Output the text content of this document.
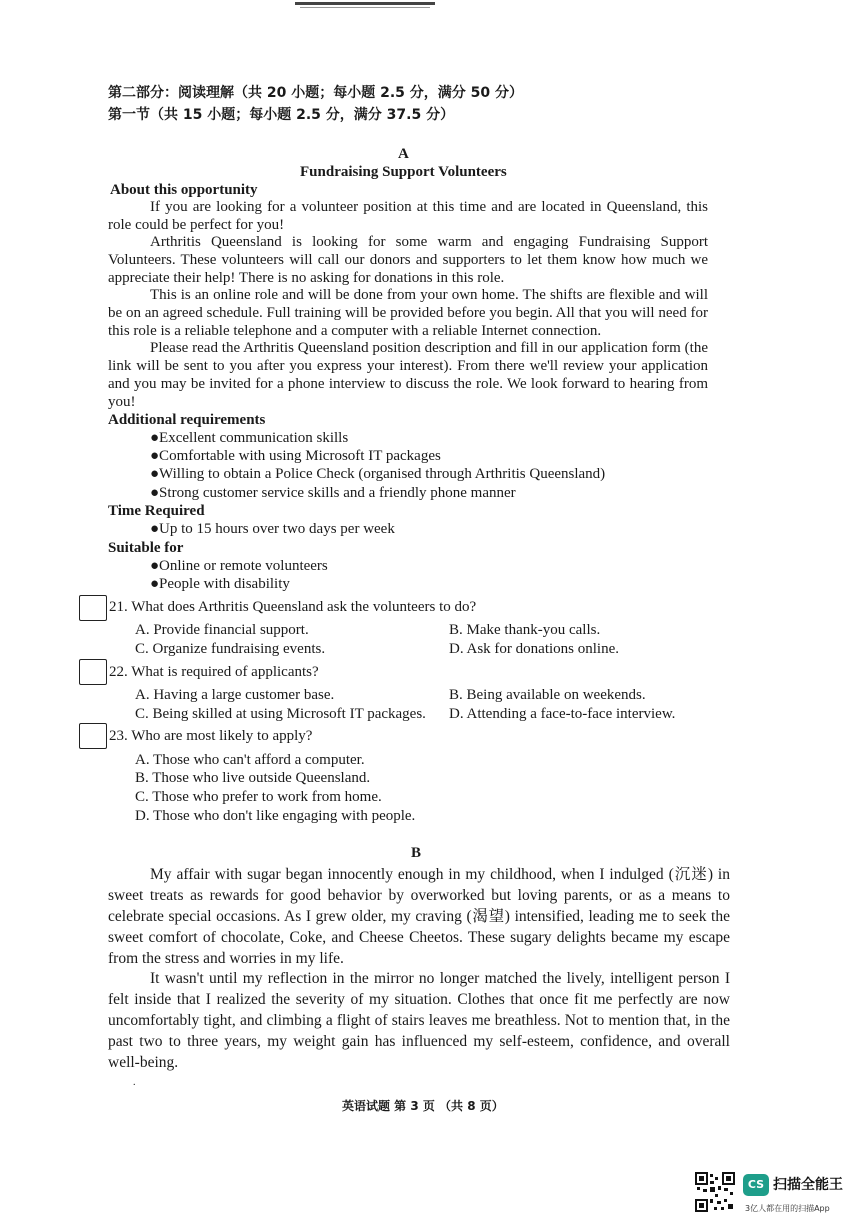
第二部分：阅读理解（共 20 小题；每小题 2.5 分，满分 50 分）
第一节（共 15 小题；每小题 2.5 分，满分 37.5 分）
A
Fundraising Support Volunteers
About this opportunity
If you are looking for a volunteer position at this time and are located in Queensland, this role could be perfect for you!
Arthritis Queensland is looking for some warm and engaging Fundraising Support Volunteers. These volunteers will call our donors and supporters to let them know how much we appreciate their help! There is no asking for donations in this role.
This is an online role and will be done from your own home. The shifts are flexible and will be on an agreed schedule. Full training will be provided before you begin. All that you will need for this role is a reliable telephone and a computer with a reliable Internet connection.
Please read the Arthritis Queensland position description and fill in our application form (the link will be sent to you after you express your interest). From there we'll review your application and you may be invited for a phone interview to discuss the role. We look forward to hearing from you!
Additional requirements
●Excellent communication skills
●Comfortable with using Microsoft IT packages
●Willing to obtain a Police Check (organised through Arthritis Queensland)
●Strong customer service skills and a friendly phone manner
Time Required
●Up to 15 hours over two days per week
Suitable for
●Online or remote volunteers
●People with disability
21. What does Arthritis Queensland ask the volunteers to do?
A. Provide financial support.	B. Make thank-you calls.
C. Organize fundraising events.	D. Ask for donations online.
22. What is required of applicants?
A. Having a large customer base.	B. Being available on weekends.
C. Being skilled at using Microsoft IT packages. D. Attending a face-to-face interview.
23. Who are most likely to apply?
A. Those who can't afford a computer.
B. Those who live outside Queensland.
C. Those who prefer to work from home.
D. Those who don't like engaging with people.
B
My affair with sugar began innocently enough in my childhood, when I indulged (沉迷) in sweet treats as rewards for good behavior by overworked but loving parents, or as a means to celebrate special occasions. As I grew older, my craving (渴望) intensified, leading me to seek the sweet comfort of chocolate, Coke, and Cheese Cheetos. These sugary delights became my escape from the stress and worries in my life.
It wasn't until my reflection in the mirror no longer matched the lively, intelligent person I felt inside that I realized the severity of my situation. Clothes that once fit me perfectly are now uncomfortably tight, and climbing a flight of stairs leaves me breathless. Not to mention that, in the past two to three years, my weight gain has influenced my self-esteem, confidence, and overall well-being.
.
英语试题 第 3 页 （共 8 页）
CS 扫描全能王
3亿人都在用的扫描App
